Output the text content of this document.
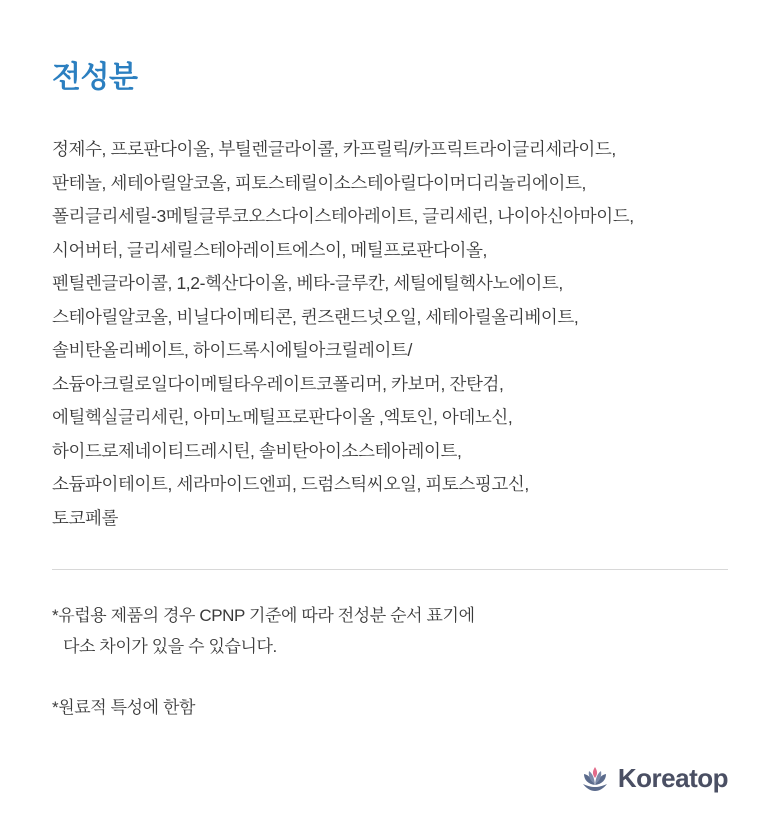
전성분
정제수, 프로판다이올, 부틸렌글라이콜, 카프릴릭/카프릭트라이글리세라이드,
판테놀, 세테아릴알코올, 피토스테릴이소스테아릴다이머디리놀리에이트,
폴리글리세릴-3메틸글루코오스다이스테아레이트, 글리세린, 나이아신아마이드,
시어버터, 글리세릴스테아레이트에스이, 메틸프로판다이올,
펜틸렌글라이콜, 1,2-헥산다이올, 베타-글루칸, 세틸에틸헥사노에이트,
스테아릴알코올, 비닐다이메티콘, 퀸즈랜드넛오일, 세테아릴올리베이트,
솔비탄올리베이트, 하이드록시에틸아크릴레이트/
소듐아크릴로일다이메틸타우레이트코폴리머, 카보머, 잔탄검,
에틸헥실글리세린, 아미노메틸프로판다이올 ,엑토인, 아데노신,
하이드로제네이티드레시틴, 솔비탄아이소스테아레이트,
소듐파이테이트, 세라마이드엔피, 드럼스틱씨오일, 피토스핑고신,
토코페롤
*유럽용 제품의 경우 CPNP 기준에 따라 전성분 순서 표기에
다소 차이가 있을 수 있습니다.
*원료적 특성에 한함
Koreatop
